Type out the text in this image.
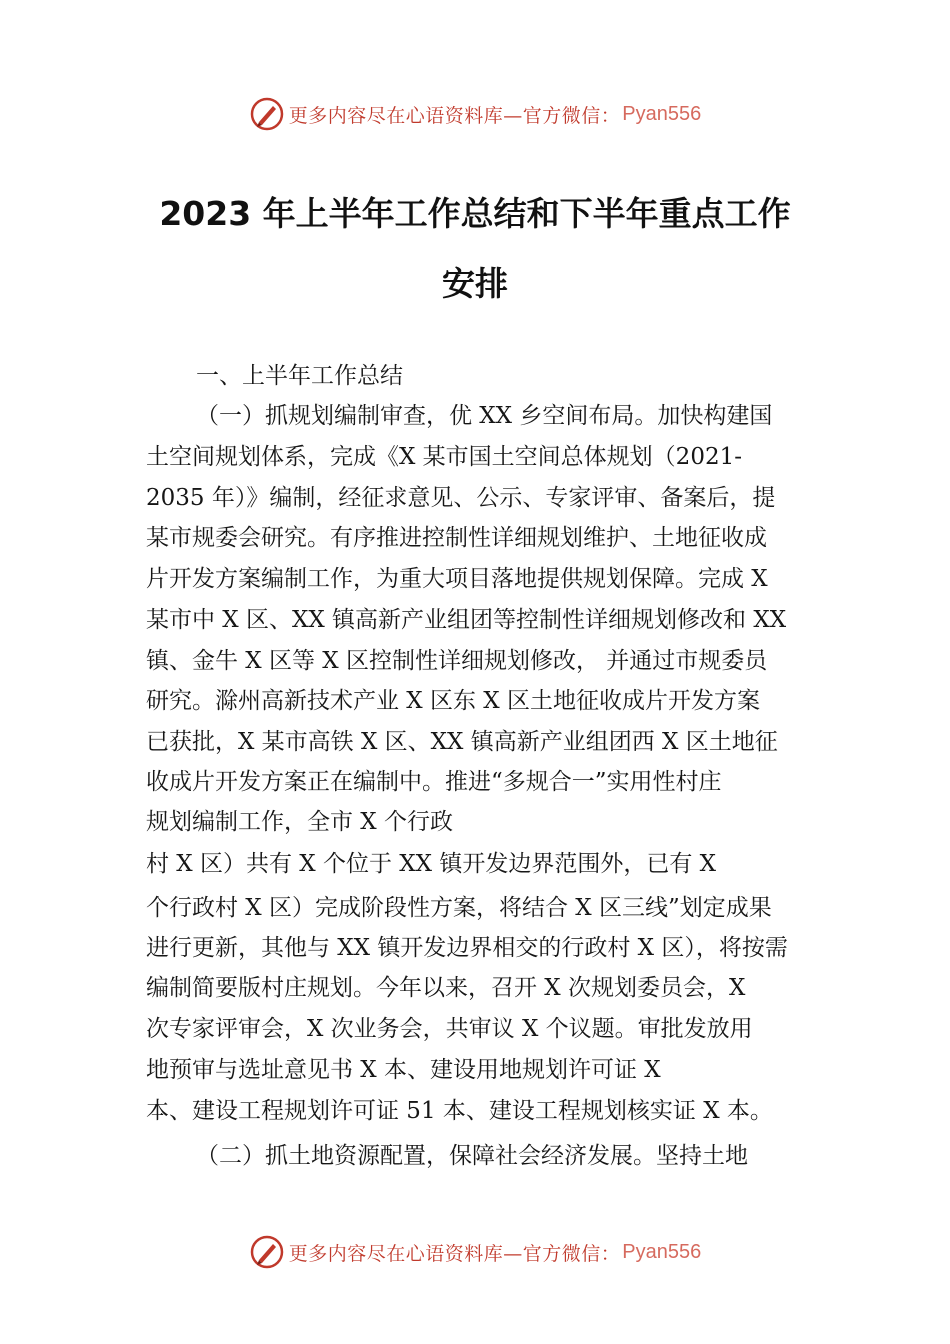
更多内容尽在心语资料库—官方微信： Pyan556
2023 年上半年工作总结和下半年重点工作
安排
一、上半年工作总结
（一）抓规划编制审查，优 XX 乡空间布局。加快构建国
土空间规划体系，完成《X 某市国土空间总体规划（2021-
2035 年）》编制，经征求意见、公示、专家评审、备案后，提
某市规委会研究。有序推进控制性详细规划维护、土地征收成
片开发方案编制工作，为重大项目落地提供规划保障。完成 X
某市中 X 区、XX 镇高新产业组团等控制性详细规划修改和 XX
镇、金牛 X 区等 X 区控制性详细规划修改， 并通过市规委员
研究。滁州高新技术产业 X 区东 X 区土地征收成片开发方案
已获批，X 某市高铁 X 区、XX 镇高新产业组团西 X 区土地征
收成片开发方案正在编制中。推进“多规合一”实用性村庄
规划编制工作，全市 X 个行政
村 X 区）共有 X 个位于 XX 镇开发边界范围外，已有 X
个行政村 X 区）完成阶段性方案，将结合 X 区三线”划定成果
进行更新，其他与 XX 镇开发边界相交的行政村 X 区），将按需
编制简要版村庄规划。今年以来，召开 X 次规划委员会，X
次专家评审会，X 次业务会，共审议 X 个议题。审批发放用
地预审与选址意见书 X 本、建设用地规划许可证 X
本、建设工程规划许可证 51 本、建设工程规划核实证 X 本。
（二）抓土地资源配置，保障社会经济发展。坚持土地
更多内容尽在心语资料库—官方微信： Pyan556
